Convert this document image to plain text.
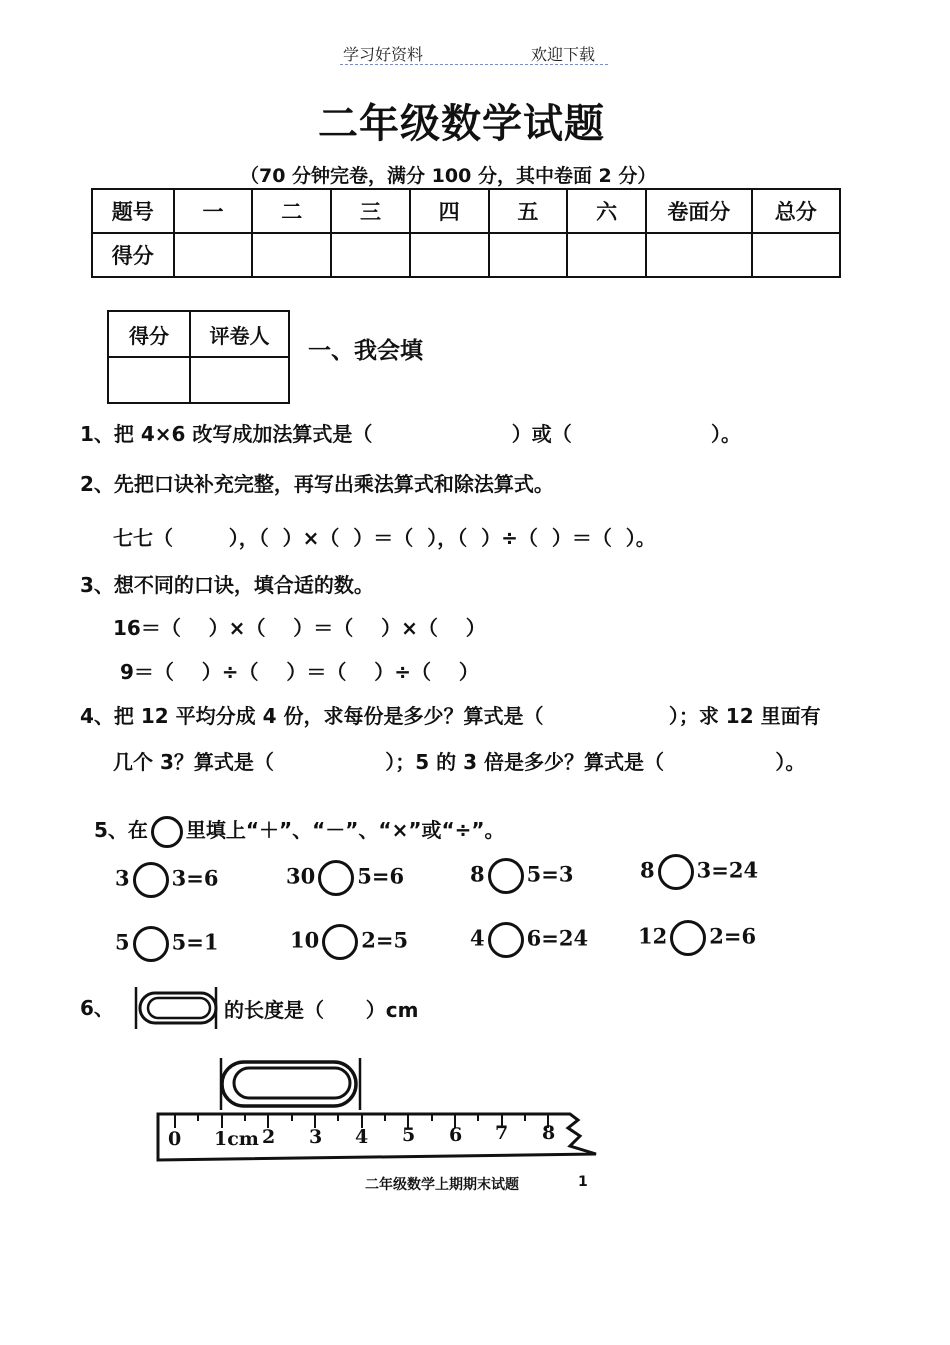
学习好资料	欢迎下载
二年级数学试题
（70 分钟完卷，满分 100 分，其中卷面 2 分）
题号	一	二	三	四	五	六	卷面分	总分
得分								
得分	评卷人

一、我会填
1、把 4×6 改写成加法算式是（                    ）或（                    ）。
2、先把口诀补充完整，再写出乘法算式和除法算式。
七七（        ），（  ）×（  ）＝（  ），（  ）÷（  ）＝（  ）。
3、想不同的口诀，填合适的数。
16＝（    ）×（    ）＝（    ）×（    ）
9＝（    ）÷（    ）＝（    ）÷（    ）
4、把 12 平均分成 4 份，求每份是多少？算式是（                  ）；求 12 里面有
几个 3？算式是（                ）；5 的 3 倍是多少？算式是（                ）。

5、在 里填上“＋”、“－”、“×”或“÷”。

3 3=6	30 5=6	8 5=3	8 3=24
5 5=1	10 2=5	4 6=24 12 2=6
6、	的长度是（      ）cm
0 1cm 2 3 4 5 6 7 8
二年级数学上期期末试题	1
